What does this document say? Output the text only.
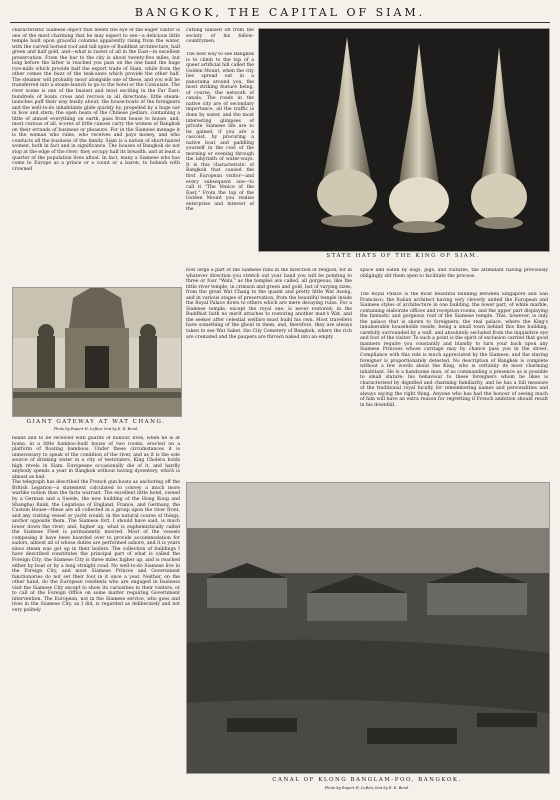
BANGKOK, THE CAPITAL OF SIAM.
characteristic Siamese object that meets the eye of the eager visitor is one of the most charming that he may expect to see—a delicious little temple built upon graceful columns apparently rising from the water, with the curved horned roof and tall spire of Buddhist architecture, half green and half gold, and—what is rarest of all in the East—in excellent preservation. From the bar to the city is about twenty-five miles, but long before the latter is reached you pass on the one hand the huge rice-mills which provide half the export trade of Siam, while from the other comes the buzz of the teak-saws which provide the other half. The steamer will probably moor alongside one of these, and you will be transferred into a steam-launch to go to the hotel or the Consulate. The river scene is one of the busiest and most exciting in the Far East: hundreds of boats cross and recross in all directions; little steam-launches puff their way busily about; the house-boats of the foreigners and the well-to-do inhabitants glide quickly by, propelled by a huge oar in bow and stern; the open boats of the Chinese pedlars, containing a little of almost everything on earth, pass from house to house, and, most curious of all, scores of little canoes carry the women of Bangkok on their errands of business or pleasure. For in the Siamese menage it is the woman who rules, who receives and pays money, and who conducts all the business of the family. Siam is a nation of short-haired women, both in fact and in significance. The houses of Bangkok do not stop at the edge of the river; they occupy half its breadth, and at least a quarter of the population lives afloat. In fact, many a Siamese who has come to Europe as a prince or a count or a baron, to hobnob with crowned
cutting himself off from the society of his fellow-countrymen.
The best way to see Bangkok is to climb to the top of a queer artificial hill called the Golden Mount, when the city lies spread out in a panorama around you, the most striking feature being, of course, the network of canals. The roads in the native city are of secondary importance, all the traffic is done by water, and the most interesting glimpses of private Siamese life are to be gained, if you are a cascoist, by procuring a native boat and paddling yourself in the cool of the morning or evening through the labyrinth of water-ways. It is this characteristic of Bangkok that caused the first European visitor—and every subsequent one—to call it "The Venice of the East." From the top of the Golden Mount you realise enterprise and interest of the
STATE HATS OF THE KING OF SIAM.
GIANT GATEWAY AT WAT CHANG.
Photo by Rupert H. Lofton; lent by E. E. Bond.
how large a part of the Siamese runs in the direction of religion, for in whatever direction you stretch out your hand you will be pointing to three or four "Wats," as the temples are called, all gorgeous, like the little river temple, in crimson and green and gold, but of varying sizes, from the great Wat Chang to the quaint and pretty little Wat Asong, and in various stages of preservation, from the beautiful temple inside the Royal Palace down to others which are mere decaying ruins. For a Siamese temple, except the royal one, is never restored; in the Buddhist faith no merit attaches to restoring another man's Wat, and the seeker after celestial welfare must build his own. Most travellers have something of the ghoul in them, and, therefore, they are always taken to see Wat Saket, the City Cemetery of Bangkok, where the rich are cremated and the paupers are thrown naked into an empty
space and eaten by dogs, pigs, and vultures, the attendant having previously obligingly slit them open to facilitate the process.
The Royal Palace is the most beautiful building between Singapore and San Francisco, the Italian architect having very cleverly united the European and Siamese styles of architecture in one building, the lower part, of white marble, containing elaborate offices and reception-rooms, and the upper part displaying the fantastic and gorgeous roof of the Siamese temple. This, however, is only the palace that is shown to foreigners; the real palace, where the King's innumerable households reside, being a small town behind this fine building, carefully surrounded by a wall, and absolutely secluded from the inquisitive eye and foot of the visitor. To such a point is the spirit of exclusion carried that good manners require you constantly and blandly to turn your back upon any Siamese Princess whose carriage may by chance pass you in the street. Compliance with this rule is much appreciated by the Siamese, and the staring foreigner is proportionately detested. No description of Bangkok is complete without a few words about the King, who is certainly its most charming inhabitant. He is a handsome man, of as commanding a presence as is possible to small stature; his behaviour to these foreigners whom he likes is characterised by dignified and charming familiarity, and he has a full measure of the traditional royal faculty for remembering names and personalities and always saying the right thing. Anyone who has had the honour of seeing much of him will have an extra reason for regretting if French ambition should result in his downfall.
heads and to be received with guards of honour, lives, when he is at home, in a little bamboo-built house of two rooms, erected on a platform of floating bamboos. Under these circumstances it is unnecessary to speak of the condition of the river, and as it is the sole source of drinking water in a city of teetotalers, King Cholera holds high revels in Siam. Europeans occasionally die of it, and hardly anybody spends a year in Bangkok without having dysentery, which is almost as bad.
The telegraph has described the French gun-boats as anchoring off the British Legation—a statement calculated to convey a much more warlike notion than the facts warrant. The excellent little hotel, owned by a German and a Swede, the new building of the Hong Kong and Shanghai Bank, the Legations of England, France, and Germany, the Custom House—these are all collected in a group upon the river front, and any visiting vessel or yacht would, in the natural course of things, anchor opposite them. The Siamese fort, I should have said, is much lower down the river; and, higher up, what is euphemistically called the Siamese Fleet is permanently moored. Most of the vessels composing it have been boarded over to provide accommodation for sailors, almost all of whose duties are performed ashore, and it is years since steam was got up in their boilers. The collection of buildings I have described constitutes the principal part of what is called the Foreign City; the Siamese City is three miles higher up, and is reached either by boat or by a long straight road. No well-to-do Siamese live in the Foreign City, and most Siamese Princes and Government functionaries do not set their foot in it once a year. Neither, on the other hand, do the European residents who are engaged in business visit the Siamese City except to show its curiosities to their visitors, or to call at the Foreign Office on some matter requiring Government intervention. The European, not in the Siamese service, who goes and lives in the Siamese City, as I did, is regarded as deliberately and not very politely
CANAL OF KLONG BANGLAM-POO, BANGKOK.
Photo by Rupert H. Lofton; lent by E. E. Bond.
